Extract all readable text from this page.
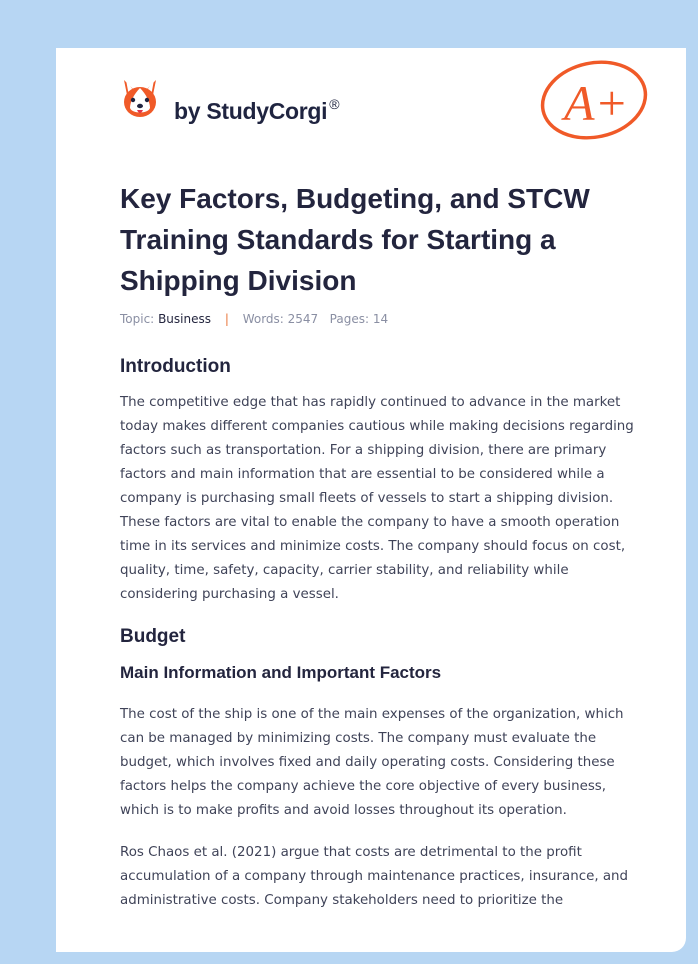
by StudyCorgi ®	A+
Key Factors, Budgeting, and STCW Training Standards for Starting a Shipping Division
Topic: Business | Words: 2547 Pages: 14
Introduction

The competitive edge that has rapidly continued to advance in the market today makes different companies cautious while making decisions regarding factors such as transportation. For a shipping division, there are primary factors and main information that are essential to be considered while a company is purchasing small fleets of vessels to start a shipping division. These factors are vital to enable the company to have a smooth operation time in its services and minimize costs. The company should focus on cost, quality, time, safety, capacity, carrier stability, and reliability while considering purchasing a vessel.

Budget
Main Information and Important Factors

The cost of the ship is one of the main expenses of the organization, which can be managed by minimizing costs. The company must evaluate the budget, which involves fixed and daily operating costs. Considering these factors helps the company achieve the core objective of every business, which is to make profits and avoid losses throughout its operation.

Ros Chaos et al. (2021) argue that costs are detrimental to the profit accumulation of a company through maintenance practices, insurance, and administrative costs. Company stakeholders need to prioritize the
